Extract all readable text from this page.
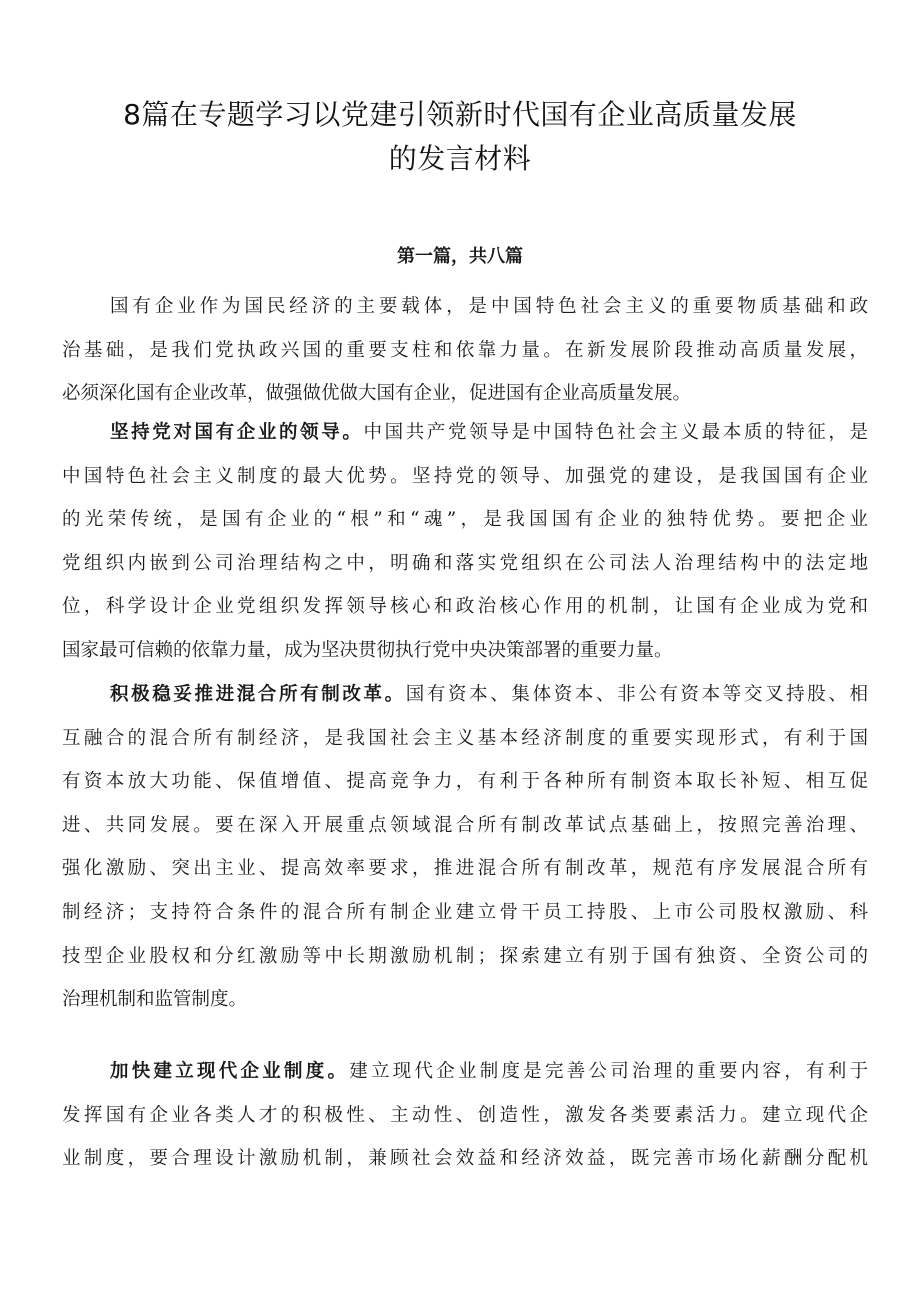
8篇在专题学习以党建引领新时代国有企业高质量发展
的发言材料
第一篇，共八篇
国有企业作为国民经济的主要载体，是中国特色社会主义的重要物质基础和政
治基础，是我们党执政兴国的重要支柱和依靠力量。在新发展阶段推动高质量发展，
必须深化国有企业改革，做强做优做大国有企业，促进国有企业高质量发展。
坚持党对国有企业的领导。中国共产党领导是中国特色社会主义最本质的特征，是
中国特色社会主义制度的最大优势。坚持党的领导、加强党的建设，是我国国有企业
的光荣传统，是国有企业的“根”和“魂”，是我国国有企业的独特优势。要把企业
党组织内嵌到公司治理结构之中，明确和落实党组织在公司法人治理结构中的法定地
位，科学设计企业党组织发挥领导核心和政治核心作用的机制，让国有企业成为党和
国家最可信赖的依靠力量，成为坚决贯彻执行党中央决策部署的重要力量。
积极稳妥推进混合所有制改革。国有资本、集体资本、非公有资本等交叉持股、相
互融合的混合所有制经济，是我国社会主义基本经济制度的重要实现形式，有利于国
有资本放大功能、保值增值、提高竞争力，有利于各种所有制资本取长补短、相互促
进、共同发展。要在深入开展重点领域混合所有制改革试点基础上，按照完善治理、
强化激励、突出主业、提高效率要求，推进混合所有制改革，规范有序发展混合所有
制经济；支持符合条件的混合所有制企业建立骨干员工持股、上市公司股权激励、科
技型企业股权和分红激励等中长期激励机制；探索建立有别于国有独资、全资公司的
治理机制和监管制度。
加快建立现代企业制度。建立现代企业制度是完善公司治理的重要内容，有利于
发挥国有企业各类人才的积极性、主动性、创造性，激发各类要素活力。建立现代企
业制度，要合理设计激励机制，兼顾社会效益和经济效益，既完善市场化薪酬分配机
